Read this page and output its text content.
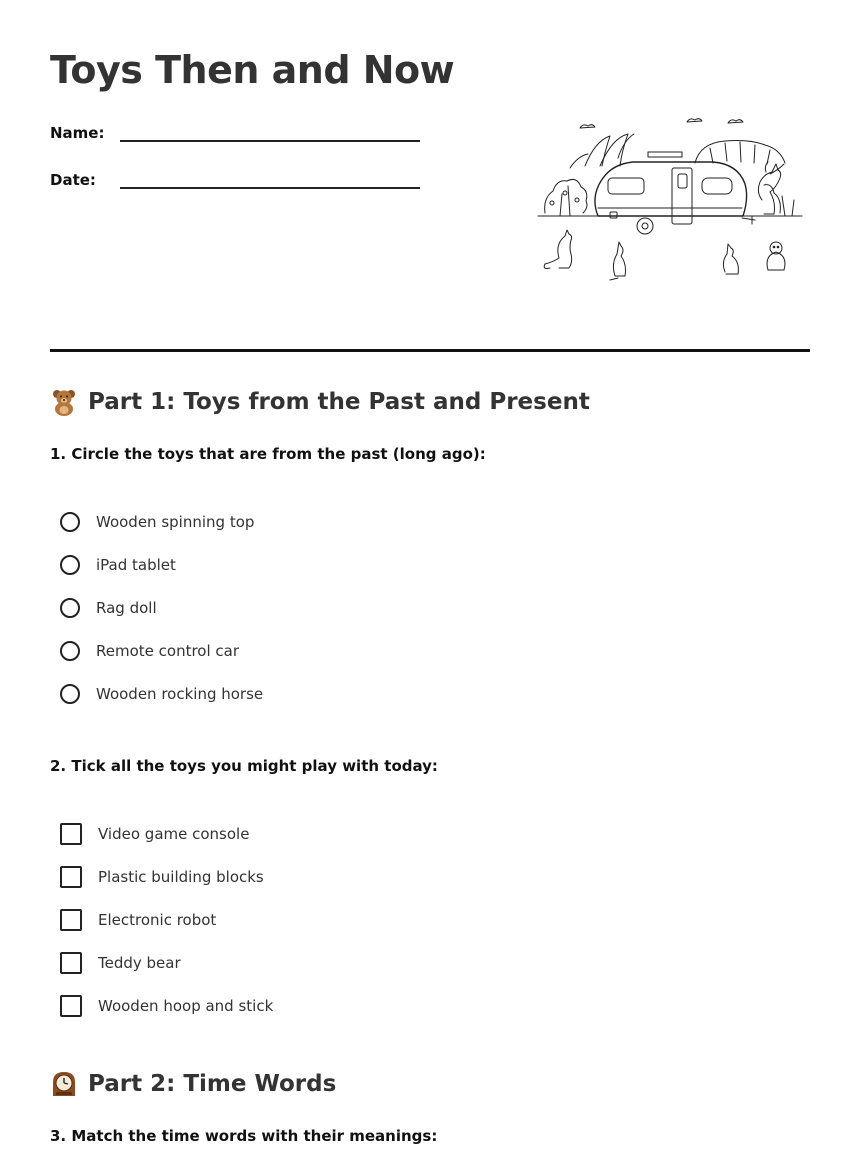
Toys Then and Now
Name:
Date:
Part 1: Toys from the Past and Present

1. Circle the toys that are from the past (long ago):

Wooden spinning top
iPad tablet
Rag doll
Remote control car
Wooden rocking horse

2. Tick all the toys you might play with today:

Video game console
Plastic building blocks
Electronic robot
Teddy bear
Wooden hoop and stick
Part 2: Time Words

3. Match the time words with their meanings:
